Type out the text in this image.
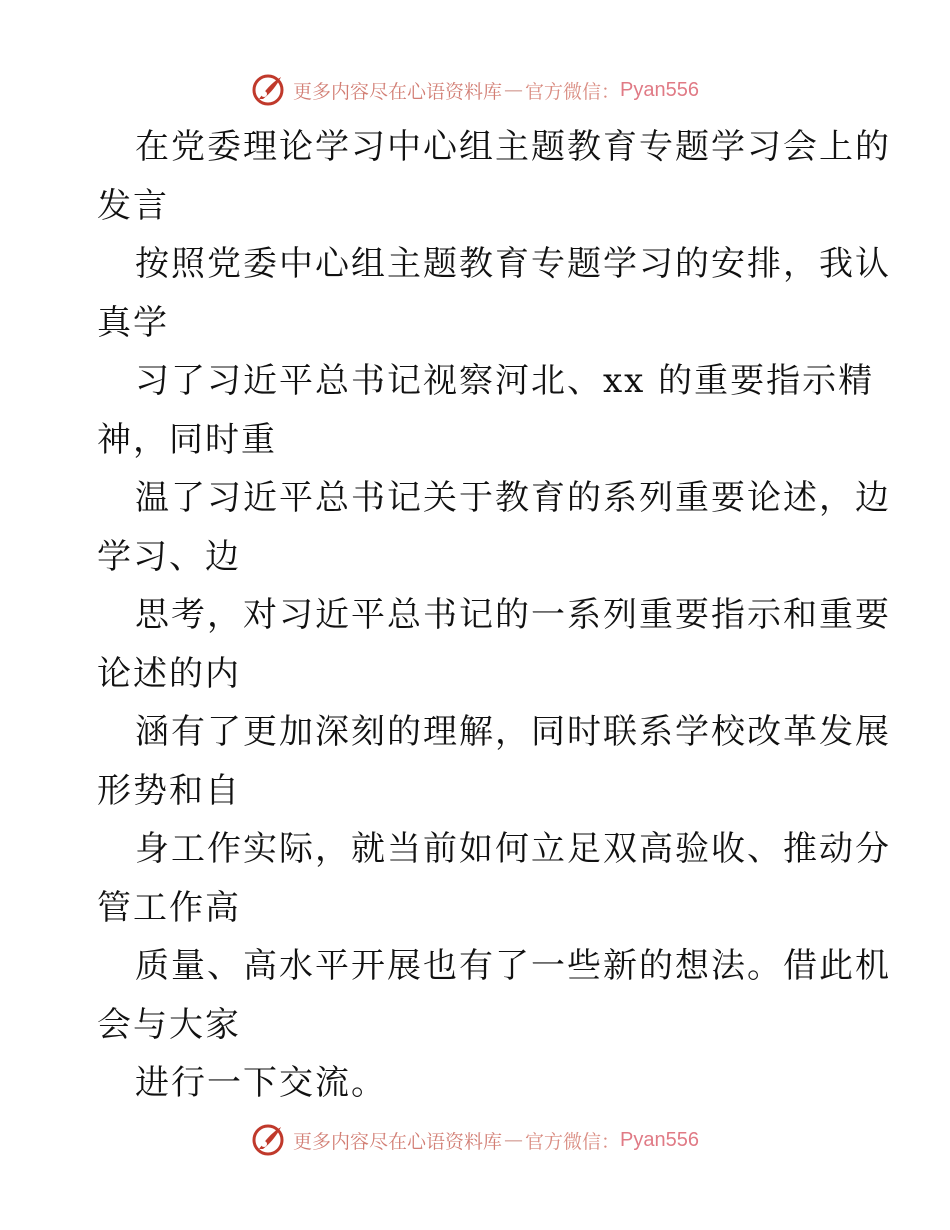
更多内容尽在心语资料库 — 官方微信： Pyan556
在党委理论学习中心组主题教育专题学习会上的
发言
按照党委中心组主题教育专题学习的安排，我认
真学
习了习近平总书记视察河北、xx 的重要指示精
神，同时重
温了习近平总书记关于教育的系列重要论述，边
学习、边
思考，对习近平总书记的一系列重要指示和重要
论述的内
涵有了更加深刻的理解，同时联系学校改革发展
形势和自
身工作实际，就当前如何立足双高验收、推动分
管工作高
质量、高水平开展也有了一些新的想法。借此机
会与大家
进行一下交流。
更多内容尽在心语资料库 — 官方微信： Pyan556
